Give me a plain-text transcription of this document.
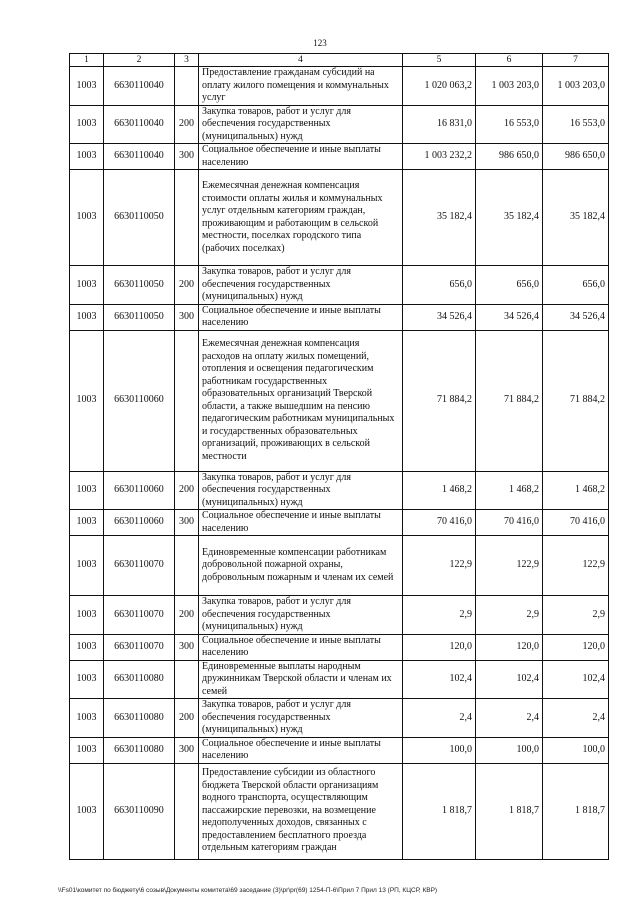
123
1	2	3	4	5	6	7
1003	6630110040		Предоставление гражданам субсидий на оплату жилого помещения и коммунальных услуг	1 020 063,2	1 003 203,0	1 003 203,0
1003	6630110040	200	Закупка товаров, работ и услуг для обеспечения государственных (муниципальных) нужд	16 831,0	16 553,0	16 553,0
1003	6630110040	300	Социальное обеспечение и иные выплаты населению	1 003 232,2	986 650,0	986 650,0
1003	6630110050		Ежемесячная денежная компенсация стоимости оплаты жилья и коммунальных услуг отдельным категориям граждан, проживающим и работающим в сельской местности, поселках городского типа (рабочих поселках)	35 182,4	35 182,4	35 182,4
1003	6630110050	200	Закупка товаров, работ и услуг для обеспечения государственных (муниципальных) нужд	656,0	656,0	656,0
1003	6630110050	300	Социальное обеспечение и иные выплаты населению	34 526,4	34 526,4	34 526,4
1003	6630110060		Ежемесячная денежная компенсация расходов на оплату жилых помещений, отопления и освещения педагогическим работникам государственных образовательных организаций Тверской области, а также вышедшим на пенсию педагогическим работникам муниципальных и государственных образовательных организаций, проживающих в сельской местности	71 884,2	71 884,2	71 884,2
1003	6630110060	200	Закупка товаров, работ и услуг для обеспечения государственных (муниципальных) нужд	1 468,2	1 468,2	1 468,2
1003	6630110060	300	Социальное обеспечение и иные выплаты населению	70 416,0	70 416,0	70 416,0
1003	6630110070		Единовременные компенсации работникам добровольной пожарной охраны, добровольным пожарным и членам их семей	122,9	122,9	122,9
1003	6630110070	200	Закупка товаров, работ и услуг для обеспечения государственных (муниципальных) нужд	2,9	2,9	2,9
1003	6630110070	300	Социальное обеспечение и иные выплаты населению	120,0	120,0	120,0
1003	6630110080		Единовременные выплаты народным дружинникам Тверской области и членам их семей	102,4	102,4	102,4
1003	6630110080	200	Закупка товаров, работ и услуг для обеспечения государственных (муниципальных) нужд	2,4	2,4	2,4
1003	6630110080	300	Социальное обеспечение и иные выплаты населению	100,0	100,0	100,0
1003	6630110090		Предоставление субсидии из областного бюджета Тверской области организациям водного транспорта, осуществляющим пассажирские перевозки, на возмещение недополученных доходов, связанных с предоставлением бесплатного проезда отдельным категориям граждан	1 818,7	1 818,7	1 818,7
\\Fs01\комитет по бюджету\6 созыв\Документы комитета\69 заседание (3)\pr\pr(69) 1254-П-6\Прил 7 Прил 13 (РП, КЦСР, КВР)
